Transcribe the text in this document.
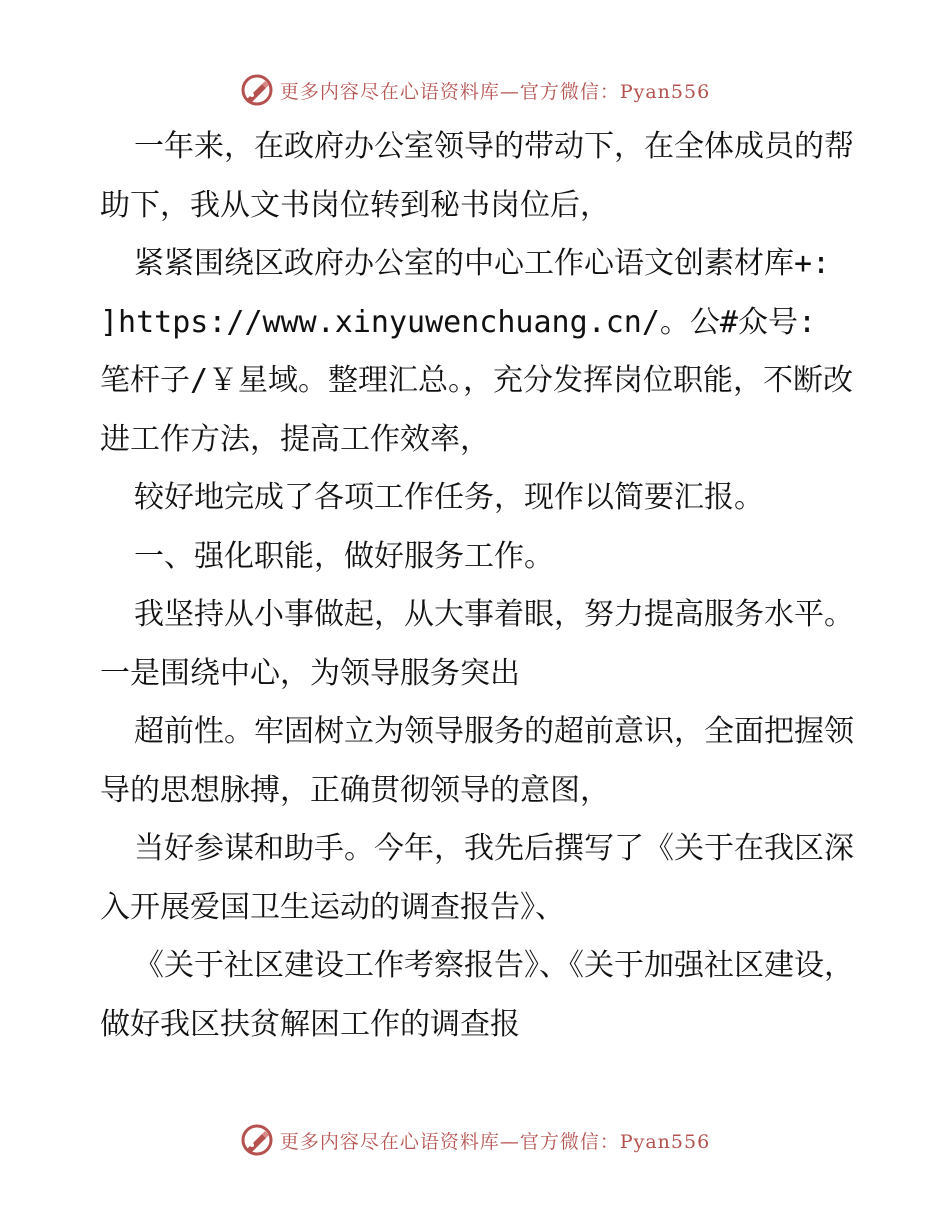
更多内容尽在心语资料库—官方微信：Pyan556

一年来，在政府办公室领导的带动下，在全体成员的帮助下，我从文书岗位转到秘书岗位后，

紧紧围绕区政府办公室的中心工作心语文创素材库+: ]https://www.xinyuwenchuang.cn/。公#众号: 笔杆子/￥星域。整理汇总。，充分发挥岗位职能，不断改进工作方法，提高工作效率，

较好地完成了各项工作任务，现作以简要汇报。

一、强化职能，做好服务工作。

我坚持从小事做起，从大事着眼，努力提高服务水平。一是围绕中心，为领导服务突出

超前性。牢固树立为领导服务的超前意识，全面把握领导的思想脉搏，正确贯彻领导的意图，

当好参谋和助手。今年，我先后撰写了《关于在我区深入开展爱国卫生运动的调查报告》、

《关于社区建设工作考察报告》、《关于加强社区建设，做好我区扶贫解困工作的调查报

更多内容尽在心语资料库—官方微信：Pyan556
